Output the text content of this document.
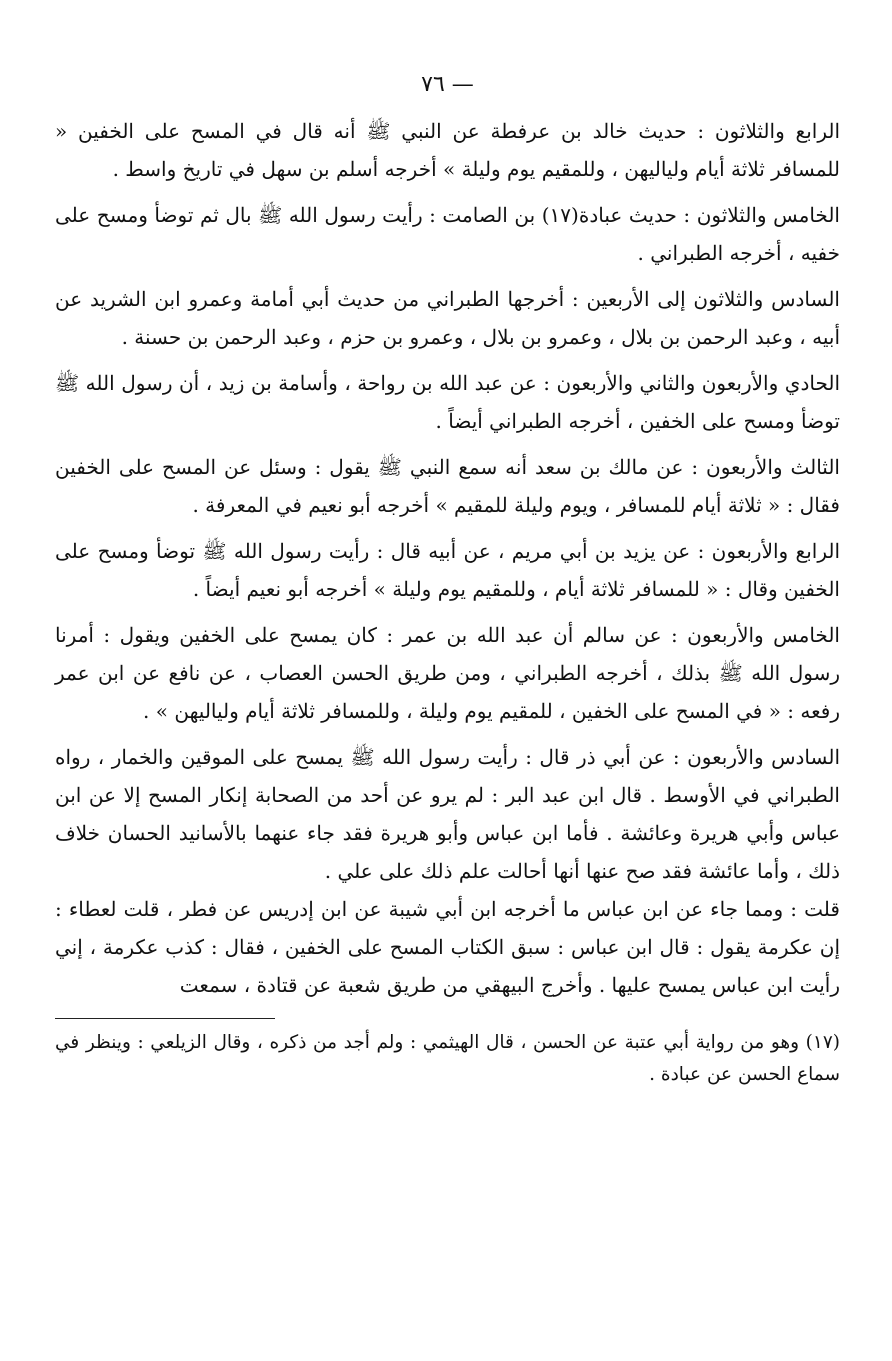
— ٧٦

الرابع والثلاثون : حديث خالد بن عرفطة عن النبي ﷺ أنه قال في المسح على الخفين « للمسافر ثلاثة أيام ولياليهن ، وللمقيم يوم وليلة » أخرجه أسلم بن سهل في تاريخ واسط .

الخامس والثلاثون : حديث عبادة(١٧) بن الصامت : رأيت رسول الله ﷺ بال ثم توضأ ومسح على خفيه ، أخرجه الطبراني .

السادس والثلاثون إلى الأربعين : أخرجها الطبراني من حديث أبي أمامة وعمرو ابن الشريد عن أبيه ، وعبد الرحمن بن بلال ، وعمرو بن بلال ، وعمرو بن حزم ، وعبد الرحمن بن حسنة .

الحادي والأربعون والثاني والأربعون : عن عبد الله بن رواحة ، وأسامة بن زيد ، أن رسول الله ﷺ توضأ ومسح على الخفين ، أخرجه الطبراني أيضاً .

الثالث والأربعون : عن مالك بن سعد أنه سمع النبي ﷺ يقول : وسئل عن المسح على الخفين فقال : « ثلاثة أيام للمسافر ، ويوم وليلة للمقيم » أخرجه أبو نعيم في المعرفة .

الرابع والأربعون : عن يزيد بن أبي مريم ، عن أبيه قال : رأيت رسول الله ﷺ توضأ ومسح على الخفين وقال : « للمسافر ثلاثة أيام ، وللمقيم يوم وليلة » أخرجه أبو نعيم أيضاً .

الخامس والأربعون : عن سالم أن عبد الله بن عمر : كان يمسح على الخفين ويقول : أمرنا رسول الله ﷺ بذلك ، أخرجه الطبراني ، ومن طريق الحسن العصاب ، عن نافع عن ابن عمر رفعه : « في المسح على الخفين ، للمقيم يوم وليلة ، وللمسافر ثلاثة أيام ولياليهن » .

السادس والأربعون : عن أبي ذر قال : رأيت رسول الله ﷺ يمسح على الموقين والخمار ، رواه الطبراني في الأوسط . قال ابن عبد البر : لم يرو عن أحد من الصحابة إنكار المسح إلا عن ابن عباس وأبي هريرة وعائشة . فأما ابن عباس وأبو هريرة فقد جاء عنهما بالأسانيد الحسان خلاف ذلك ، وأما عائشة فقد صح عنها أنها أحالت علم ذلك على علي .

قلت : ومما جاء عن ابن عباس ما أخرجه ابن أبي شيبة عن ابن إدريس عن فطر ، قلت لعطاء : إن عكرمة يقول : قال ابن عباس : سبق الكتاب المسح على الخفين ، فقال : كذب عكرمة ، إني رأيت ابن عباس يمسح عليها . وأخرج البيهقي من طريق شعبة عن قتادة ، سمعت

(١٧) وهو من رواية أبي عتبة عن الحسن ، قال الهيثمي : ولم أجد من ذكره ، وقال الزيلعي : وينظر في سماع الحسن عن عبادة .
